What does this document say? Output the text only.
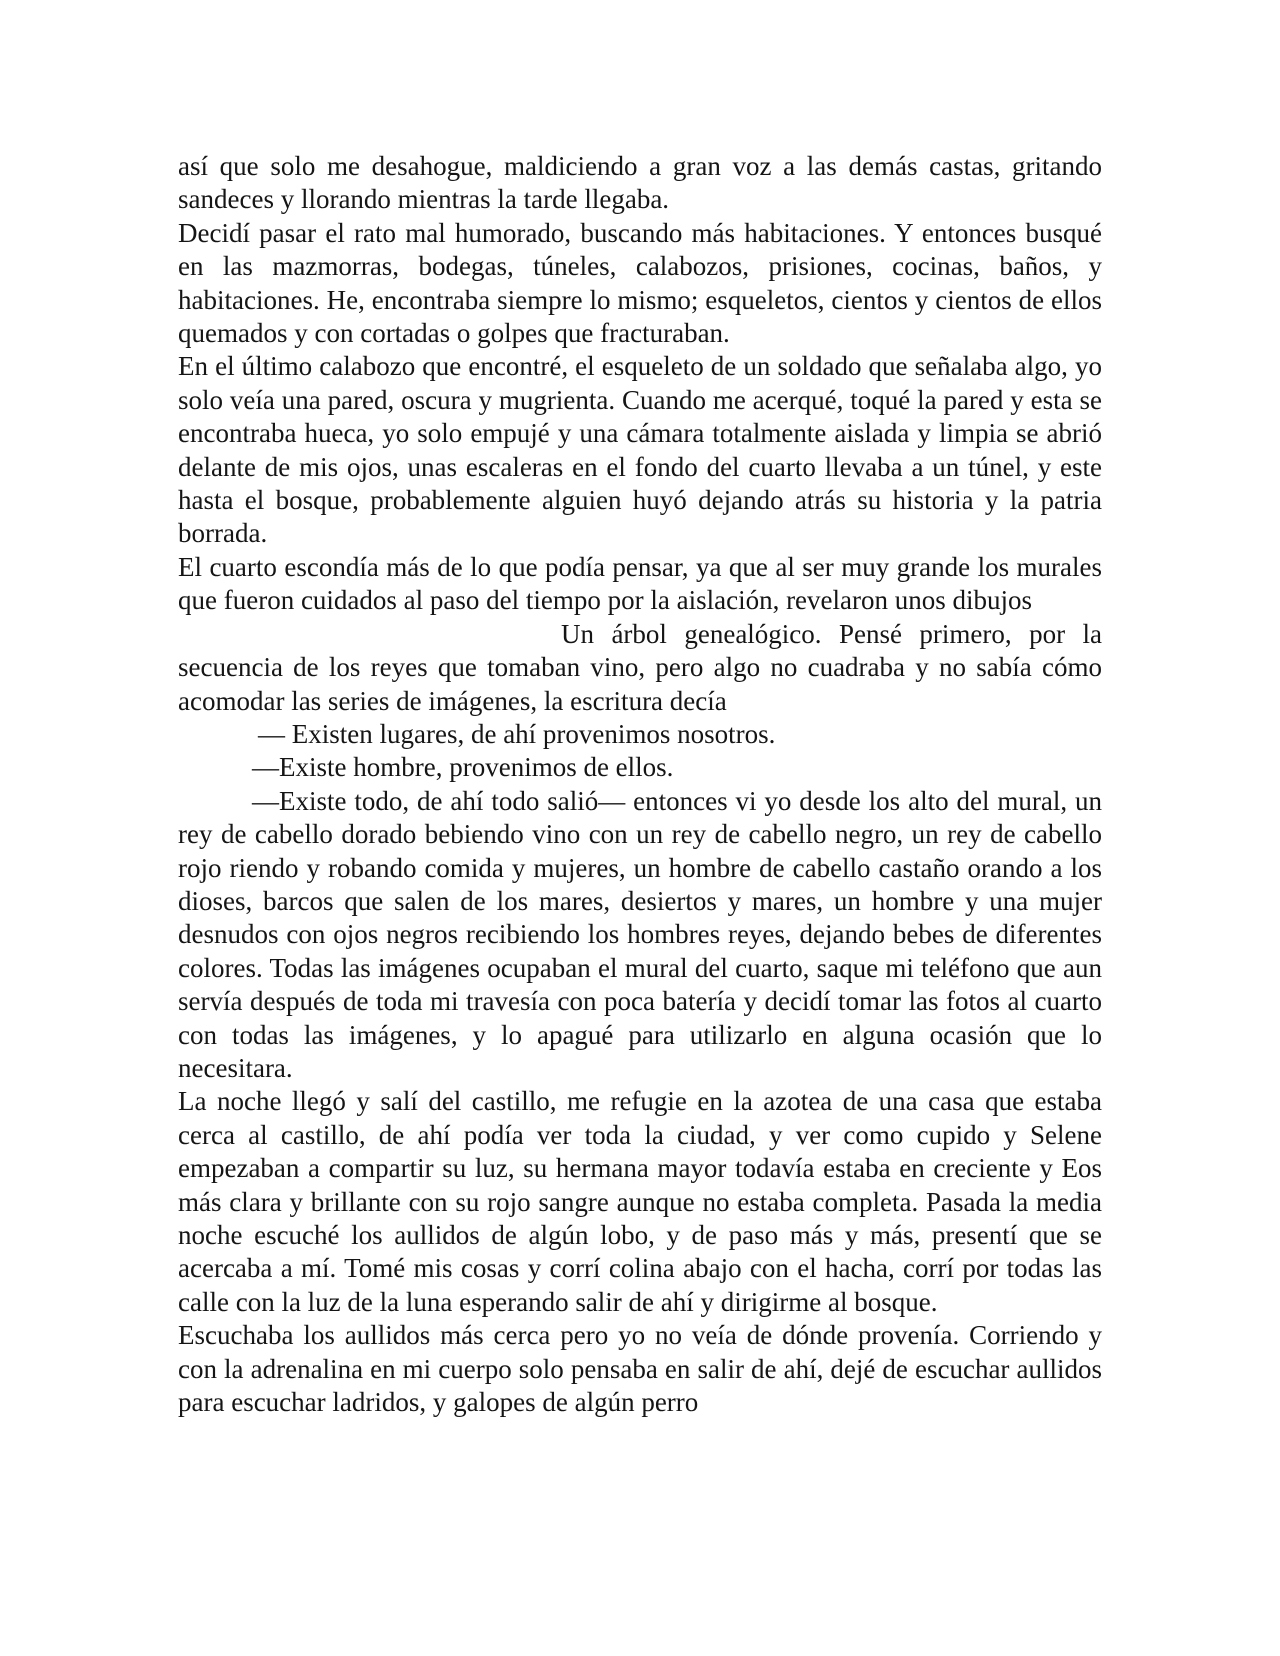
así que solo me desahogue, maldiciendo a gran voz a las demás castas, gritando sandeces y llorando mientras la tarde llegaba.

Decidí pasar el rato mal humorado, buscando más habitaciones. Y entonces busqué en las mazmorras, bodegas, túneles, calabozos, prisiones, cocinas, baños, y habitaciones. He, encontraba siempre lo mismo; esqueletos, cientos y cientos de ellos quemados y con cortadas o golpes que fracturaban.

En el último calabozo que encontré, el esqueleto de un soldado que señalaba algo, yo solo veía una pared, oscura y mugrienta. Cuando me acerqué, toqué la pared y esta se encontraba hueca, yo solo empujé y una cámara totalmente aislada y limpia se abrió delante de mis ojos, unas escaleras en el fondo del cuarto llevaba a un túnel, y este hasta el bosque, probablemente alguien huyó dejando atrás su historia y la patria borrada.

El cuarto escondía más de lo que podía pensar, ya que al ser muy grande los murales que fueron cuidados al paso del tiempo por la aislación, revelaron unos dibujos

Un árbol genealógico. Pensé primero, por la secuencia de los reyes que tomaban vino, pero algo no cuadraba y no sabía cómo acomodar las series de imágenes, la escritura decía

— Existen lugares, de ahí provenimos nosotros.

—Existe hombre, provenimos de ellos.

—Existe todo, de ahí todo salió— entonces vi yo desde los alto del mural, un rey de cabello dorado bebiendo vino con un rey de cabello negro, un rey de cabello rojo riendo y robando comida y mujeres, un hombre de cabello castaño orando a los dioses, barcos que salen de los mares, desiertos y mares, un hombre y una mujer desnudos con ojos negros recibiendo los hombres reyes, dejando bebes de diferentes colores. Todas las imágenes ocupaban el mural del cuarto, saque mi teléfono que aun servía después de toda mi travesía con poca batería y decidí tomar las fotos al cuarto con todas las imágenes, y lo apagué para utilizarlo en alguna ocasión que lo necesitara.

La noche llegó y salí del castillo, me refugie en la azotea de una casa que estaba cerca al castillo, de ahí podía ver toda la ciudad, y ver como cupido y Selene empezaban a compartir su luz, su hermana mayor todavía estaba en creciente y Eos más clara y brillante con su rojo sangre aunque no estaba completa. Pasada la media noche escuché los aullidos de algún lobo, y de paso más y más, presentí que se acercaba a mí. Tomé mis cosas y corrí colina abajo con el hacha, corrí por todas las calle con la luz de la luna esperando salir de ahí y dirigirme al bosque.

Escuchaba los aullidos más cerca pero yo no veía de dónde provenía. Corriendo y con la adrenalina en mi cuerpo solo pensaba en salir de ahí, dejé de escuchar aullidos para escuchar ladridos, y galopes de algún perro
